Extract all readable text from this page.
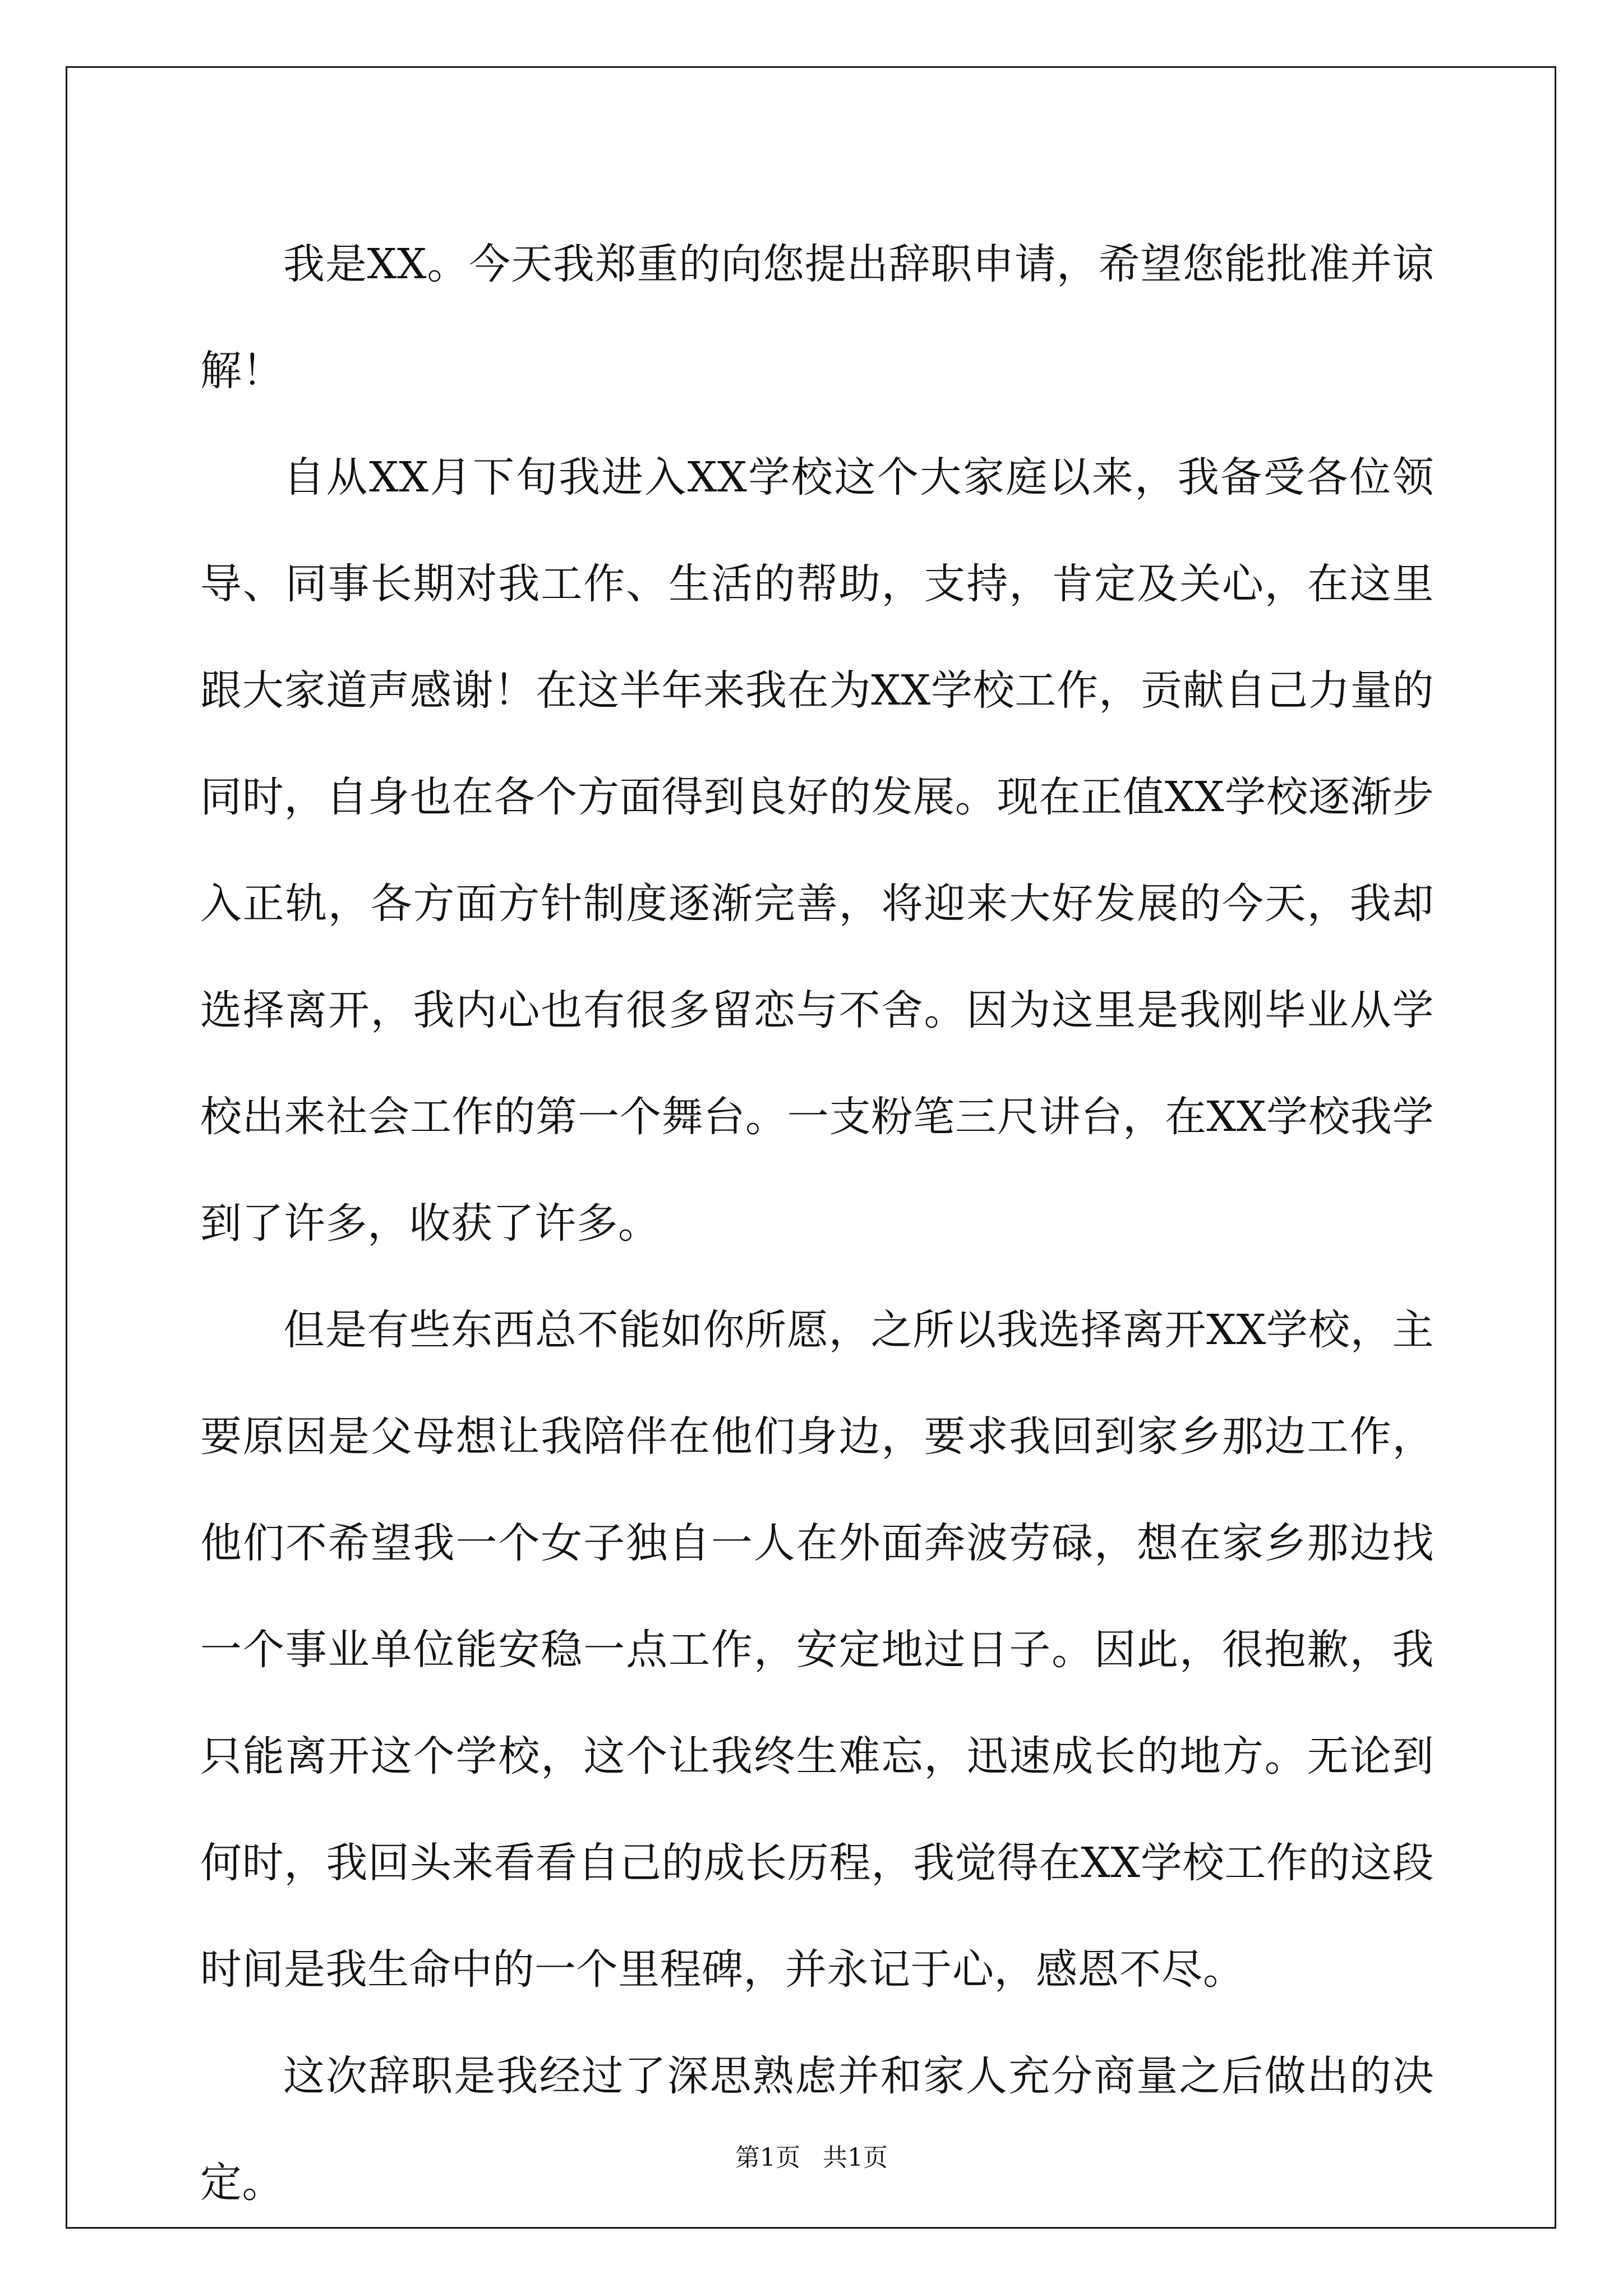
我是XX。今天我郑重的向您提出辞职申请，希望您能批准并谅解！

自从XX月下旬我进入XX学校这个大家庭以来，我备受各位领导、同事长期对我工作、生活的帮助，支持，肯定及关心，在这里跟大家道声感谢！在这半年来我在为XX学校工作，贡献自己力量的同时，自身也在各个方面得到良好的发展。现在正值XX学校逐渐步入正轨，各方面方针制度逐渐完善，将迎来大好发展的今天，我却选择离开，我内心也有很多留恋与不舍。因为这里是我刚毕业从学校出来社会工作的第一个舞台。一支粉笔三尺讲台，在XX学校我学到了许多，收获了许多。

但是有些东西总不能如你所愿，之所以我选择离开XX学校，主要原因是父母想让我陪伴在他们身边，要求我回到家乡那边工作，他们不希望我一个女子独自一人在外面奔波劳碌，想在家乡那边找一个事业单位能安稳一点工作，安定地过日子。因此，很抱歉，我只能离开这个学校，这个让我终生难忘，迅速成长的地方。无论到何时，我回头来看看自己的成长历程，我觉得在XX学校工作的这段时间是我生命中的一个里程碑，并永记于心，感恩不尽。

这次辞职是我经过了深思熟虑并和家人充分商量之后做出的决定。

第1页 共1页
